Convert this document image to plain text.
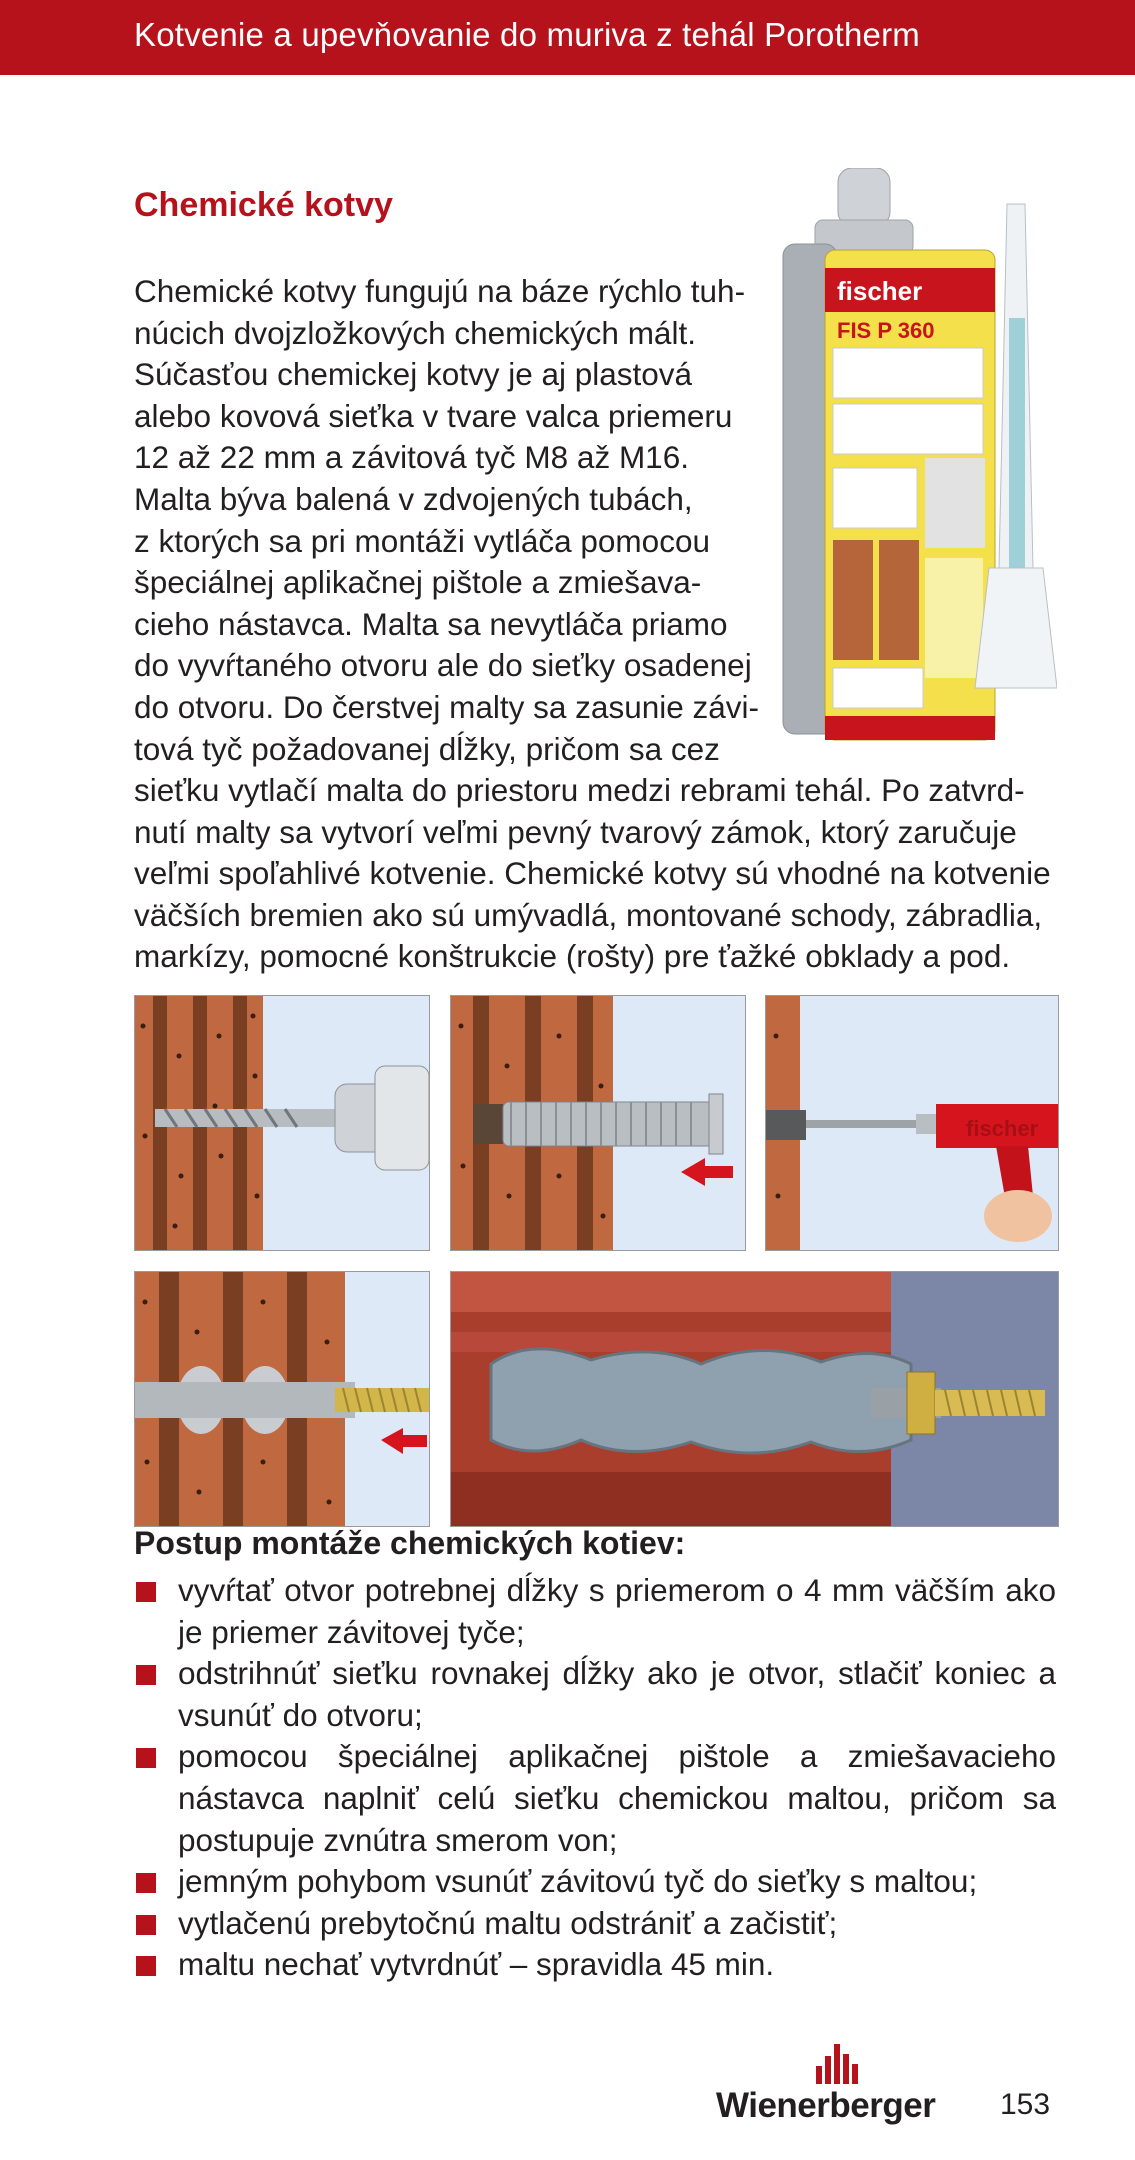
Kotvenie a upevňovanie do muriva z tehál Porotherm
Chemické kotvy
fischer
FIS P 360
Chemické kotvy fungujú na báze rýchlo tuh-
núcich dvojzložkových chemických mált.
Súčasťou chemickej kotvy je aj plastová
alebo kovová sieťka v tvare valca priemeru
12 až 22 mm a závitová tyč M8 až M16.
Malta býva balená v zdvojených tubách,
z ktorých sa pri montáži vytláča pomocou
špeciálnej aplikačnej pištole a zmiešava-
cieho nástavca. Malta sa nevytláča priamo
do vyvŕtaného otvoru ale do sieťky osadenej
do otvoru. Do čerstvej malty sa zasunie závi-
tová tyč požadovanej dĺžky, pričom sa cez
sieťku vytlačí malta do priestoru medzi rebrami tehál. Po zatvrd-
nutí malty sa vytvorí veľmi pevný tvarový zámok, ktorý zaručuje
veľmi spoľahlivé kotvenie. Chemické kotvy sú vhodné na kotvenie
väčších bremien ako sú umývadlá, montované schody, zábradlia,
markízy, pomocné konštrukcie (rošty) pre ťažké obklady a pod.
fischer
Postup montáže chemických kotiev:
vyvŕtať otvor potrebnej dĺžky s priemerom o 4 mm väčším ako je priemer závitovej tyče;
odstrihnúť sieťku rovnakej dĺžky ako je otvor, stlačiť koniec a vsunúť do otvoru;
pomocou špeciálnej aplikačnej pištole a zmiešavacieho nástavca naplniť celú sieťku chemickou maltou, pričom sa postupuje zvnútra smerom von;
jemným pohybom vsunúť závitovú tyč do sieťky s maltou;
vytlačenú prebytočnú maltu odstrániť a začistiť;
maltu nechať vytvrdnúť – spravidla 45 min.
Wienerberger 153
